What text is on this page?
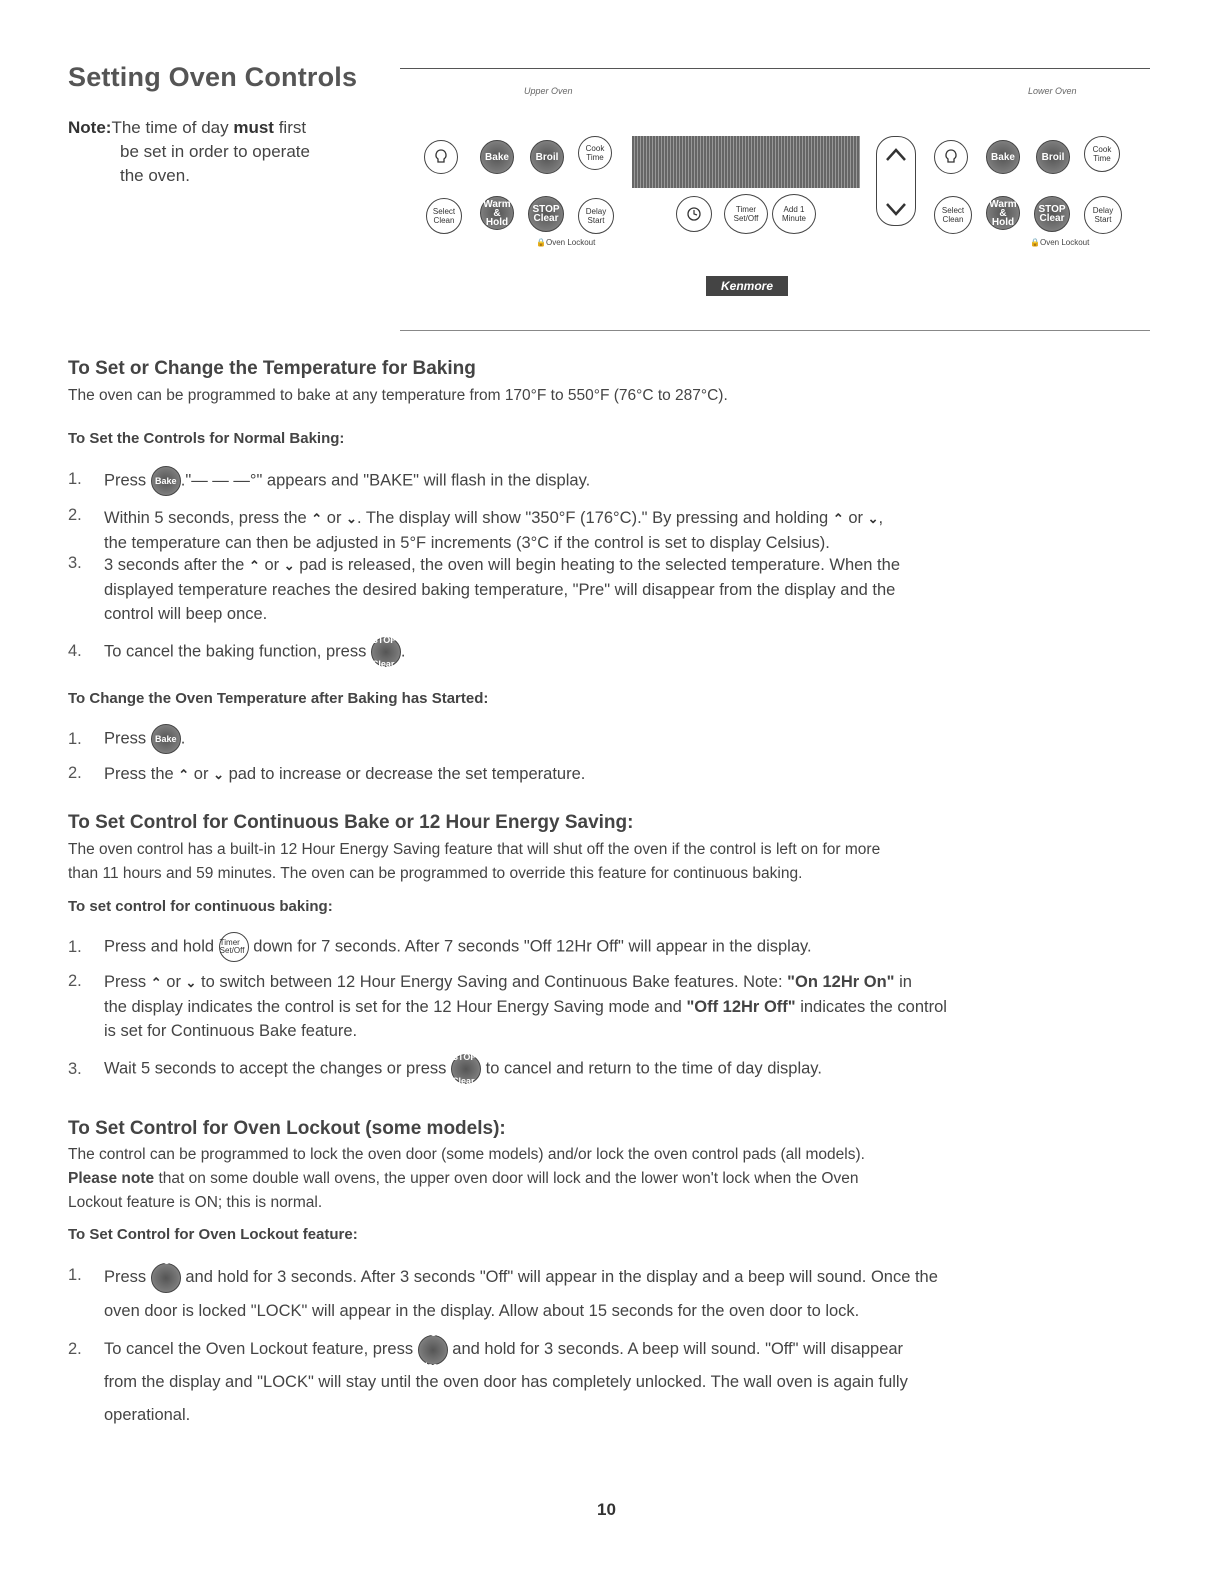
Setting Oven Controls
Note:The time of day must first
be set in order to operate
the oven.
Upper Oven	Lower Oven
Bake	Broil
Cook Time	Bake	Broil
Cook Time
Select Clean
Warm & Hold
STOP Clear
Delay Start
🔒Oven Lockout
Timer Set/Off
Add 1 Minute
Select Clean
Warm & Hold
STOP Clear
Delay Start
🔒Oven Lockout
Kenmore
To Set or Change the Temperature for Baking
The oven can be programmed to bake at any temperature from 170°F to 550°F (76°C to 287°C).
To Set the Controls for Normal Baking:
1. Press Bake ."— — —°" appears and "BAKE" will flash in the display.
2. Within 5 seconds, press the ⌃ or ⌄. The display will show "350°F (176°C)." By pressing and holding ⌃ or ⌄,
the temperature can then be adjusted in 5°F increments (3°C if the control is set to display Celsius).
3. 3 seconds after the ⌃ or ⌄ pad is released, the oven will begin heating to the selected temperature. When the
displayed temperature reaches the desired baking temperature, "Pre" will disappear from the display and the
control will beep once.
4. To cancel the baking function, press STOP Clear.
To Change the Oven Temperature after Baking has Started:
1. Press Bake .
2. Press the ⌃ or ⌄ pad to increase or decrease the set temperature.
To Set Control for Continuous Bake or 12 Hour Energy Saving:
The oven control has a built-in 12 Hour Energy Saving feature that will shut off the oven if the control is left on for more
than 11 hours and 59 minutes. The oven can be programmed to override this feature for continuous baking.
To set control for continuous baking:
1. Press and hold Timer Set/Off down for 7 seconds. After 7 seconds "Off 12Hr Off" will appear in the display.
2. Press ⌃ or ⌄ to switch between 12 Hour Energy Saving and Continuous Bake features. Note: "On 12Hr On" in
the display indicates the control is set for the 12 Hour Energy Saving mode and "Off 12Hr Off" indicates the control
is set for Continuous Bake feature.
3. Wait 5 seconds to accept the changes or press STOP Clear to cancel and return to the time of day display.
To Set Control for Oven Lockout (some models):
The control can be programmed to lock the oven door (some models) and/or lock the oven control pads (all models).
Please note that on some double wall ovens, the upper oven door will lock and the lower won't lock when the Oven
Lockout feature is ON; this is normal.
To Set Control for Oven Lockout feature:
1. Press STOP Clear and hold for 3 seconds. After 3 seconds "Off" will appear in the display and a beep will sound. Once the
oven door is locked "LOCK" will appear in the display. Allow about 15 seconds for the oven door to lock.
2. To cancel the Oven Lockout feature, press STOP Clear and hold for 3 seconds. A beep will sound. "Off" will disappear
from the display and "LOCK" will stay until the oven door has completely unlocked. The wall oven is again fully
operational.
10
